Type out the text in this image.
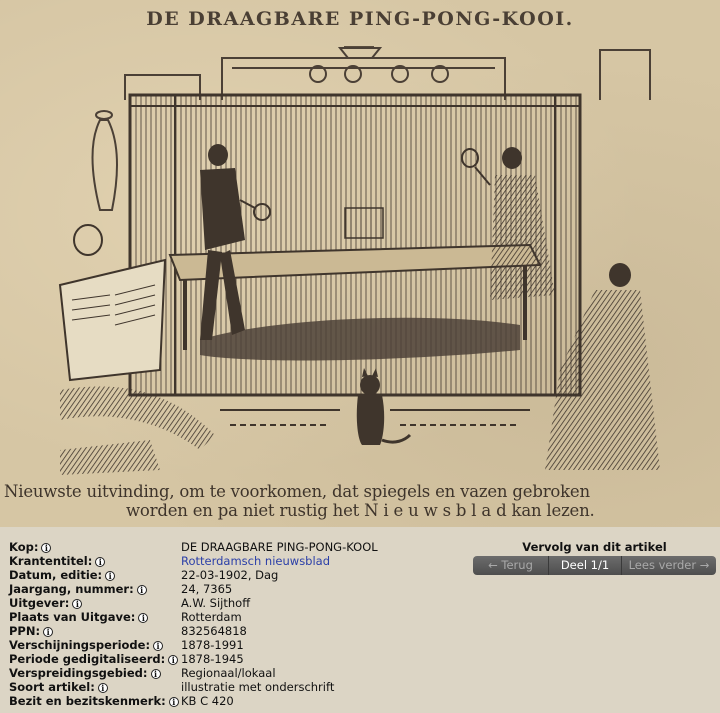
DE DRAAGBARE PING-PONG-KOOI.
Nieuwste uitvinding, om te voorkomen, dat spiegels en vazen gebroken
worden en pa niet rustig het N i e u w s b l a d kan lezen.
Kop: i	DE DRAAGBARE PING-PONG-KOOL
Krantentitel: i	Rotterdamsch nieuwsblad
Datum, editie: i	22-03-1902, Dag
Jaargang, nummer: i	24, 7365
Uitgever: i	A.W. Sijthoff
Plaats van Uitgave: i	Rotterdam
PPN: i	832564818
Verschijningsperiode: i	1878-1991
Periode gedigitaliseerd: i 1878-1945
Verspreidingsgebied: i	Regionaal/lokaal
Soort artikel: i	illustratie met onderschrift
Bezit en bezitskenmerk: i KB C 420
Vervolg van dit artikel
← Terug	Deel 1/1	Lees verder →
